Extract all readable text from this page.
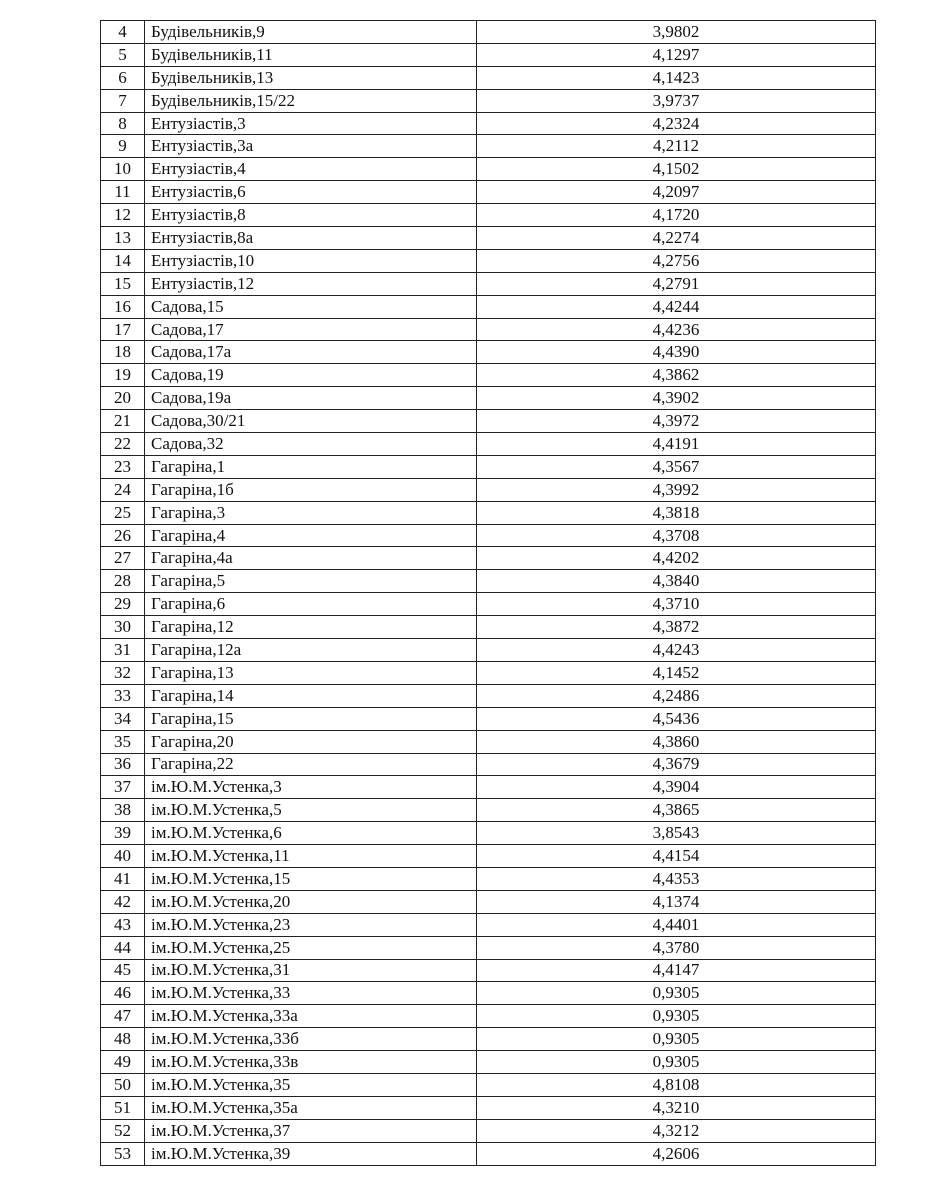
4	Будівельників,9	3,9802
5	Будівельників,11	4,1297
6	Будівельників,13	4,1423
7	Будівельників,15/22	3,9737
8	Ентузіастів,3	4,2324
9	Ентузіастів,3а	4,2112
10	Ентузіастів,4	4,1502
11	Ентузіастів,6	4,2097
12	Ентузіастів,8	4,1720
13	Ентузіастів,8а	4,2274
14	Ентузіастів,10	4,2756
15	Ентузіастів,12	4,2791
16	Садова,15	4,4244
17	Садова,17	4,4236
18	Садова,17а	4,4390
19	Садова,19	4,3862
20	Садова,19а	4,3902
21	Садова,30/21	4,3972
22	Садова,32	4,4191
23	Гагаріна,1	4,3567
24	Гагаріна,1б	4,3992
25	Гагаріна,3	4,3818
26	Гагаріна,4	4,3708
27	Гагаріна,4а	4,4202
28	Гагаріна,5	4,3840
29	Гагаріна,6	4,3710
30	Гагаріна,12	4,3872
31	Гагаріна,12а	4,4243
32	Гагаріна,13	4,1452
33	Гагаріна,14	4,2486
34	Гагаріна,15	4,5436
35	Гагаріна,20	4,3860
36	Гагаріна,22	4,3679
37	ім.Ю.М.Устенка,3	4,3904
38	ім.Ю.М.Устенка,5	4,3865
39	ім.Ю.М.Устенка,6	3,8543
40	ім.Ю.М.Устенка,11	4,4154
41	ім.Ю.М.Устенка,15	4,4353
42	ім.Ю.М.Устенка,20	4,1374
43	ім.Ю.М.Устенка,23	4,4401
44	ім.Ю.М.Устенка,25	4,3780
45	ім.Ю.М.Устенка,31	4,4147
46	ім.Ю.М.Устенка,33	0,9305
47	ім.Ю.М.Устенка,33а	0,9305
48	ім.Ю.М.Устенка,33б	0,9305
49	ім.Ю.М.Устенка,33в	0,9305
50	ім.Ю.М.Устенка,35	4,8108
51	ім.Ю.М.Устенка,35а	4,3210
52	ім.Ю.М.Устенка,37	4,3212
53	ім.Ю.М.Устенка,39	4,2606
